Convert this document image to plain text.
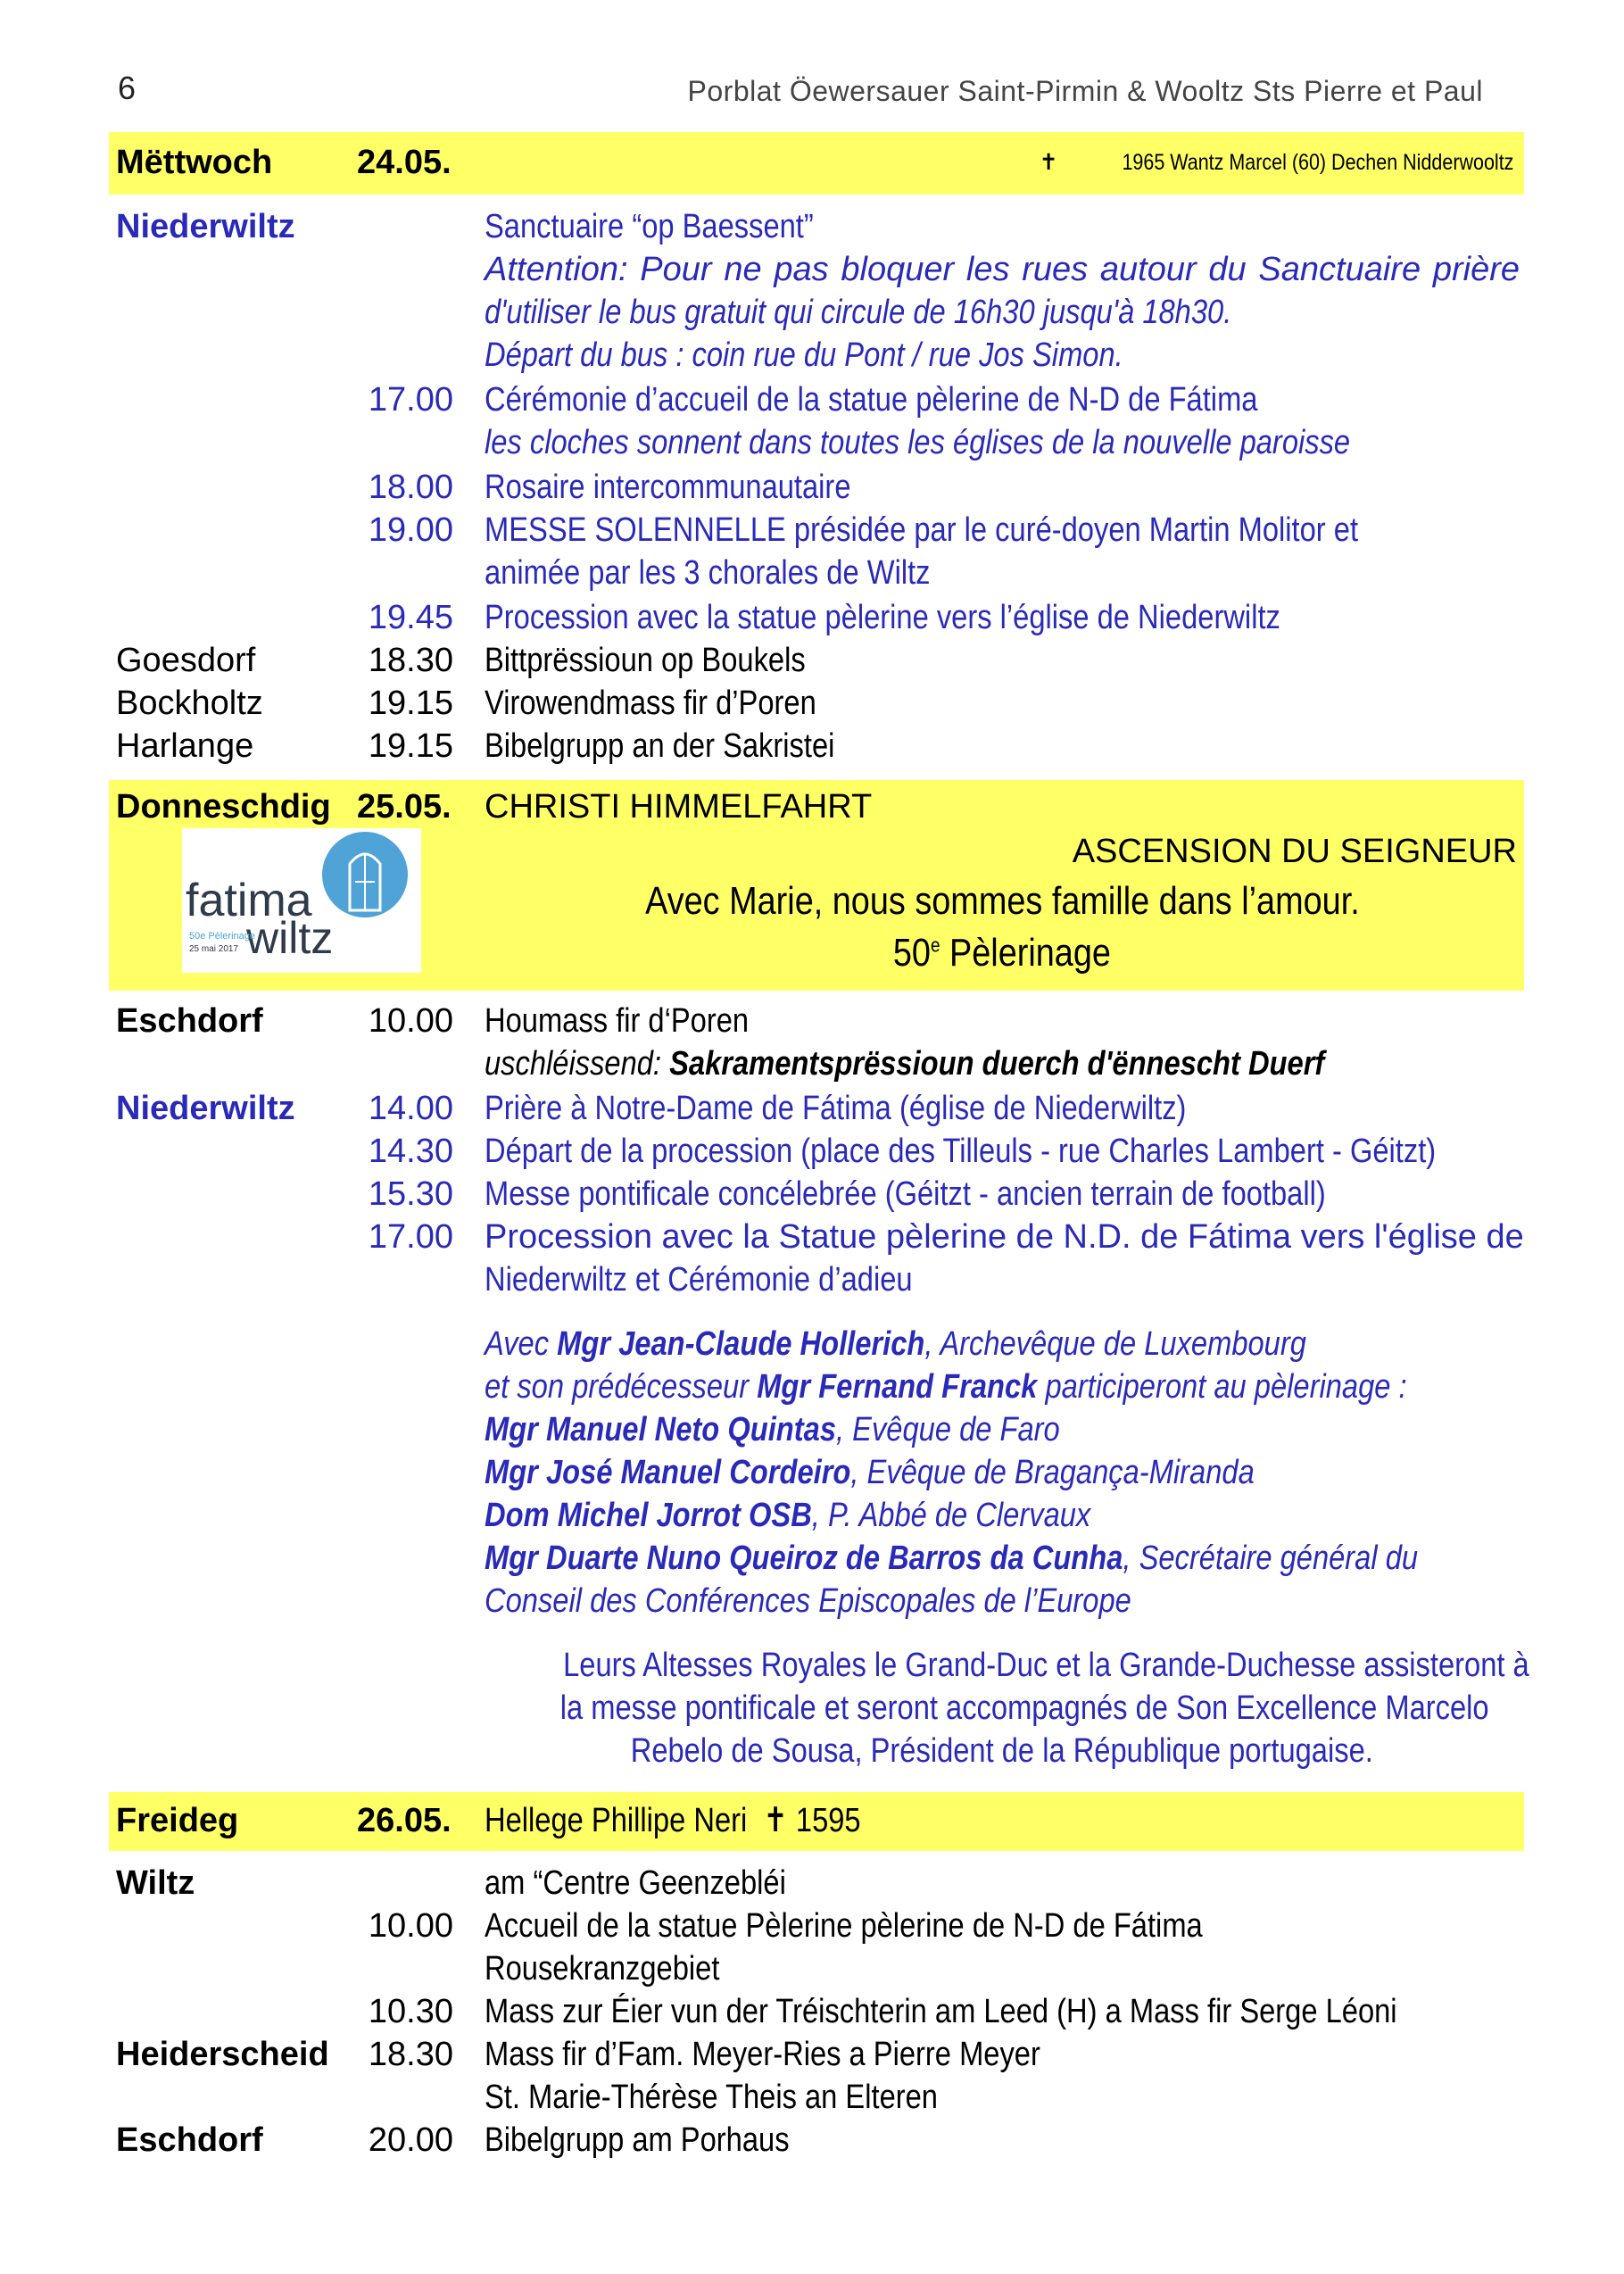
6	Porblat Öewersauer Saint-Pirmin & Wooltz Sts Pierre et Paul
Mëttwoch 24.05.	✝	1965 Wantz Marcel (60) Dechen Nidderwooltz
Niederwiltz	Sanctuaire “op Baessent”
Attention: Pour ne pas bloquer les rues autour du Sanctuaire prière
d'utiliser le bus gratuit qui circule de 16h30 jusqu'à 18h30.
Départ du bus : coin rue du Pont / rue Jos Simon.
17.00 Cérémonie d’accueil de la statue pèlerine de N-D de Fátima
les cloches sonnent dans toutes les églises de la nouvelle paroisse
18.00 Rosaire intercommunautaire
19.00 MESSE SOLENNELLE présidée par le curé-doyen Martin Molitor et
animée par les 3 chorales de Wiltz
19.45 Procession avec la statue pèlerine vers l’église de Niederwiltz
Goesdorf	18.30 Bittprëssioun op Boukels
Bockholtz	19.15 Virowendmass fir d’Poren
Harlange	19.15 Bibelgrupp an der Sakristei
Donneschdig 25.05. CHRISTI HIMMELFAHRT
ASCENSION DU SEIGNEUR
Avec Marie, nous sommes famille dans l’amour.
50e Pèlerinage
fatima
wiltz
50e Pèlerinage
25 mai 2017
Eschdorf	10.00 Houmass fir d‘Poren
uschléissend: Sakramentsprëssioun duerch d'ënnescht Duerf
Niederwiltz	14.00 Prière à Notre-Dame de Fátima (église de Niederwiltz)
14.30 Départ de la procession (place des Tilleuls - rue Charles Lambert - Géitzt)
15.30 Messe pontificale concélebrée (Géitzt - ancien terrain de football)
17.00 Procession avec la Statue pèlerine de N.D. de Fátima vers l'église de
Niederwiltz et Cérémonie d’adieu
Avec Mgr Jean-Claude Hollerich, Archevêque de Luxembourg
et son prédécesseur Mgr Fernand Franck participeront au pèlerinage :
Mgr Manuel Neto Quintas, Evêque de Faro
Mgr José Manuel Cordeiro, Evêque de Bragança-Miranda
Dom Michel Jorrot OSB, P. Abbé de Clervaux
Mgr Duarte Nuno Queiroz de Barros da Cunha, Secrétaire général du
Conseil des Conférences Episcopales de l’Europe
Leurs Altesses Royales le Grand-Duc et la Grande-Duchesse assisteront à
la messe pontificale et seront accompagnés de Son Excellence Marcelo
Rebelo de Sousa, Président de la République portugaise.
Freideg	26.05. Hellege Phillipe Neri ✝ 1595
Wiltz	am “Centre Geenzebléi
10.00 Accueil de la statue Pèlerine pèlerine de N-D de Fátima
Rousekranzgebiet
10.30 Mass zur Éier vun der Tréischterin am Leed (H) a Mass fir Serge Léoni
Heiderscheid	18.30 Mass fir d’Fam. Meyer-Ries a Pierre Meyer
St. Marie-Thérèse Theis an Elteren
Eschdorf	20.00 Bibelgrupp am Porhaus
